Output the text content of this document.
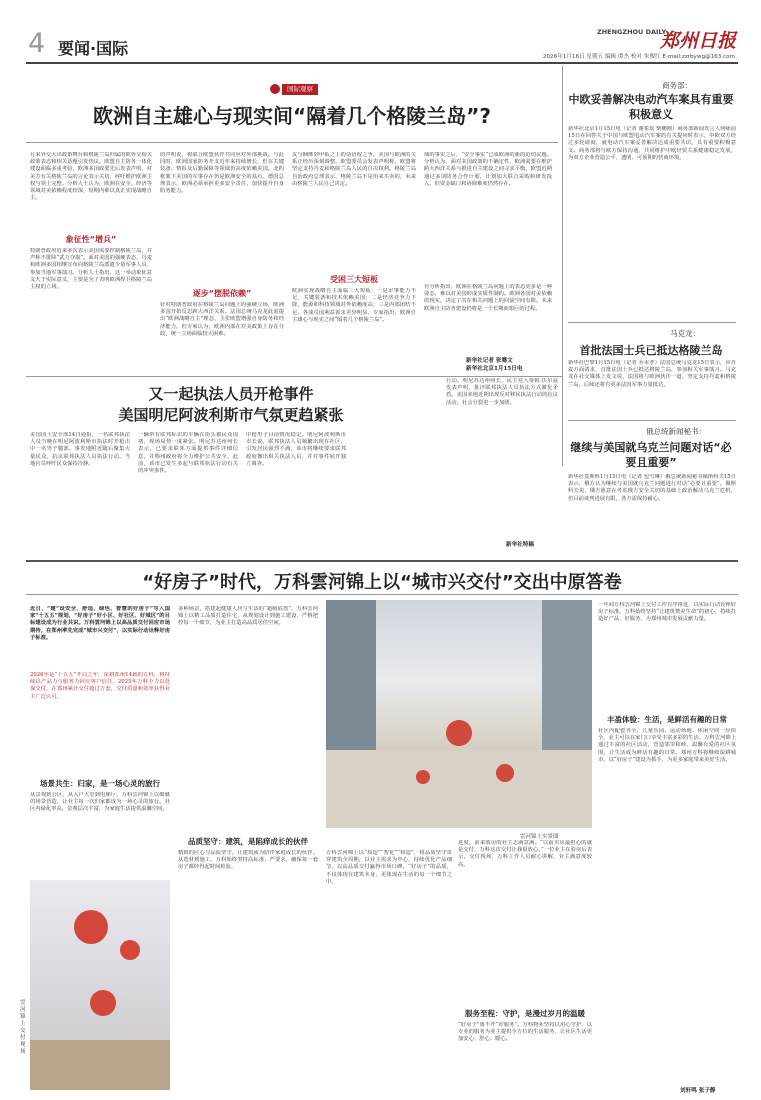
4 要闻·国际
ZHENGZHOU DAILY
郑州日报
2026年1月16日 星期五 编辑 谭杰 校对 朱俊红 E-mail:zzrbywg@163.com
国际观察
欧洲自主雄心与现实间“隔着几个格陵兰岛”?
月来外交大出政策舞台和格陵兰岛归属的欧外交相关政策表态和相关话题引发热议。欧盟自主防务一体化建设面临多重考验，欧洲多国政要先后发表声明，对美方有关格陵兰岛的言论表示关切，呼吁维护欧洲主权与领土完整。分析人士认为，欧洲在安全、经济等领域对美依赖程度较深，短期内难以真正实现战略自主。
象征性“增兵”
特朗普政府近来多次表示美国需要控制格陵兰岛，并声称不排除“武力夺取”。面对美国的强硬表态，丹麦和欧洲多国相继宣布向格陵兰岛派遣少量军事人员，参加当地军事演习。分析人士指出，这一举动象征意义大于实际意义，主要是为了表明欧洲捍卫格陵兰岛主权的立场。
的声明说，将联合欧盟伙伴共同应对外部挑战。与此同时，欧洲国家防务开支近年来持续增长，但在关键装备、情报及后勤保障等领域仍高度依赖美国。北约框架下美国的军事存在仍是欧洲安全的基石。德国总理表示，欧洲必须承担更多安全责任，加快提升自身防务能力。
逐步“摆脱依赖”
针对特朗普政府在格陵兰岛问题上的强硬立场，欧洲多国开始反思跨大西洋关系。法国总统马克龙此前提出“欧洲战略自主”理念，主张欧盟增强自身防务和经济能力。但专家认为，欧洲内部在对美政策上存在分歧，统一立场面临较大困难。
友与捆绑到甲板之上的话语权之争，美国与欧洲的关系正经历深刻调整。欧盟委员会发表声明称，欧盟将坚定支持丹麦和格陵兰岛人民的自决权利。格陵兰岛自治政府总理表示，格陵兰岛不是用来买卖的，未来由格陵兰人民自己决定。
受困三大短板
欧洲实现战略自主面临三大短板：一是军事能力不足，关键装备和技术依赖美国；二是经济竞争力下降，能源和科技领域对外依赖度高；三是内部团结不足，各成员国利益诉求差异明显。专家指出，欧洲自主雄心与现实之间“隔着几个格陵兰岛”。
域的事实之后，“安全事实”已成欧洲的新的迫切议题。分析认为，面对美国政策的不确定性，欧洲需要在维护跨大西洋关系与推进自主建设之间寻求平衡。欧盟近期通过多项防务合作计划，计划加大联合采购和研发投入，但资金缺口和协调难度仍然存在。
有分析指出，欧洲在格陵兰岛问题上的表态更多是一种姿态，难以对美国形成实质性制约。欧洲各国对美依赖的现实，决定了其在相关问题上的回旋空间有限。未来欧洲自主防务建设仍将是一个长期而艰巨的过程。
新华社记者 张骞文
新华社北京1月15日电
商务部：
中欧妥善解决电动汽车案具有重要积极意义
新华社北京1月15日电（记者 谢希瑶 柴鹏刚）商务部新闻发言人何咏前15日在回答关于中国与欧盟电动汽车案的有关提问时表示，中欧双方经过多轮磋商，就电动汽车案妥善解决达成重要共识，具有重要积极意义。商务部将与欧方保持沟通，共同维护中欧经贸关系健康稳定发展，为双方企业营造公平、透明、可预期的营商环境。
马克龙：
首批法国士兵已抵达格陵兰岛
新华社巴黎1月15日电（记者 乔本孝）法国总统马克龙15日表示，应丹麦方面请求，首批法国士兵已抵达格陵兰岛，参加相关军事演习。马克龙在社交媒体上发文说，法国将与欧洲伙伴一道，坚定支持丹麦和格陵兰岛。后续还将有更多法国军事力量抵达。
俄总统新闻秘书：
继续与美国就乌克兰问题对话“必要且重要”
新华社莫斯科1月15日电（记者 包雪琳）俄总统新闻秘书佩斯科夫15日表示，俄方认为继续与美国就乌克兰问题进行对话“必要且重要”。佩斯科夫说，俄方愿意在考虑俄方安全关切的基础上政治解决乌克兰危机，但目前谈判进展有限，各方需保持耐心。
又一起执法人员开枪事件
美国明尼阿波利斯市气氛更趋紧张
美国国土安全部14日通报，一名联邦执法人员当晚在明尼阿波利斯市执法时开枪击中一名男子腿部。事发地附近随后聚集大量民众，抗议联邦执法人员执法行动。当地官员呼吁民众保持冷静。
一辆带有联邦标识的车辆在街头被民众围堵，现场局势一度紧张。明尼苏达州州长表示，已要求联邦方面提供事件详细信息，并称州政府将全力维护公共安全。此前，该市已发生多起与联邦执法行动有关的冲突事件。
中枪男子目前情况稳定。明尼阿波利斯市市长说，联邦执法人员频繁出现在社区，引发居民强烈不满，该市将继续要求联邦政府撤出相关执法人员，并对事件展开独立调查。
行动。明尼苏达州州长、民主党人蒂姆·沃尔兹发表声明，批评联邦执法人员执法方式激化矛盾。美国多地近期出现反对移民执法行动的抗议活动，社会分裂进一步加剧。
新华社特稿
“好房子”时代，万科雲河锦上以“城市兴交付”交出中原答卷
近日，“建”设安全、舒适、绿色、智慧的好房子“写入国家“十五五”规划，“好房子”好小区、好社区、好城区”的目标建设成为行业共识。万科雲河锦上以高品质交付回应市场期待，在郑州率先完成“城市兴交付”，以实际行动诠释好房子标准。
2026年是“十五五”开局之年，深耕郑州14载的万科，将持续以产品力与服务力回应客户信任。2025年万科全力以赴保交付，在郑州累计交付超过万套，交付质量和效率获得业主广泛认可。
场景共生：归家，是一场心灵的旅行
从景观到公区，从入户大堂到电梯厅，万科雲河锦上以细腻的场景营造，让业主每一次归家都成为一场心灵的旅行。社区内绿化率高，景观层次丰富，为家庭生活提供温馨空间。
多种场景，搭建起健康人居与生活的“超级底盘”。万科雲河锦上以精工品质打造住宅，从规划设计到施工建设，严格把控每一个细节，为业主打造高品质居住空间。
品质坚守：建筑，是陷痒成长的伙伴
精致的匠心与品质坚守，让建筑成为陪伴家庭成长的伙伴。从选材到施工，万科始终坚持高标准、严要求，确保每一套房子都经得起时间检验。
雲河锦上实景图
万科雲河锦上以“质造”“智化”“和造”，将品质坚守贯穿建筑全周期，以业主需求为中心，持续优化产品细节，以高品质交付赢得市场口碑。“好房子”的品质，不仅体现在建筑本身，更体现在生活的每一个细节之中。
进度，前来收房的业主志满意满。“以前买房最担心的就是交付，万科这次交付让我很放心。”一位业主在验房后表示。交付现场，万科工作人员耐心讲解，业主满意度较高。
服务至程：守护，是漫过岁月的温暖
“好房子”离不开“好服务”。万科物业坚持以用心守护，以专业的服务为业主提供全方位的生活服务，让社区生活更加安心、舒心、暖心。
一年间万科雲河锦上交付工作有序推进，以实际行动诠释好房子标准。万科始终坚持“让建筑赞美生命”的初心，持续打造好产品、好服务，为郑州城市发展贡献力量。
丰盈体验：生活，是鲜活有趣的日常
社区内配套齐全，儿童乐园、运动场地、休闲空间一应俱全，业主可以在家门口享受丰富多彩的生活。万科雲河锦上通过丰富的社区活动，营造邻里和睦、温馨有爱的社区氛围，让生活成为鲜活有趣的日常。郑州万科将继续深耕城市，以“好房子”建设为抓手，为更多家庭带来美好生活。
刘轩鸣 张子静
雲河锦上交付现场
